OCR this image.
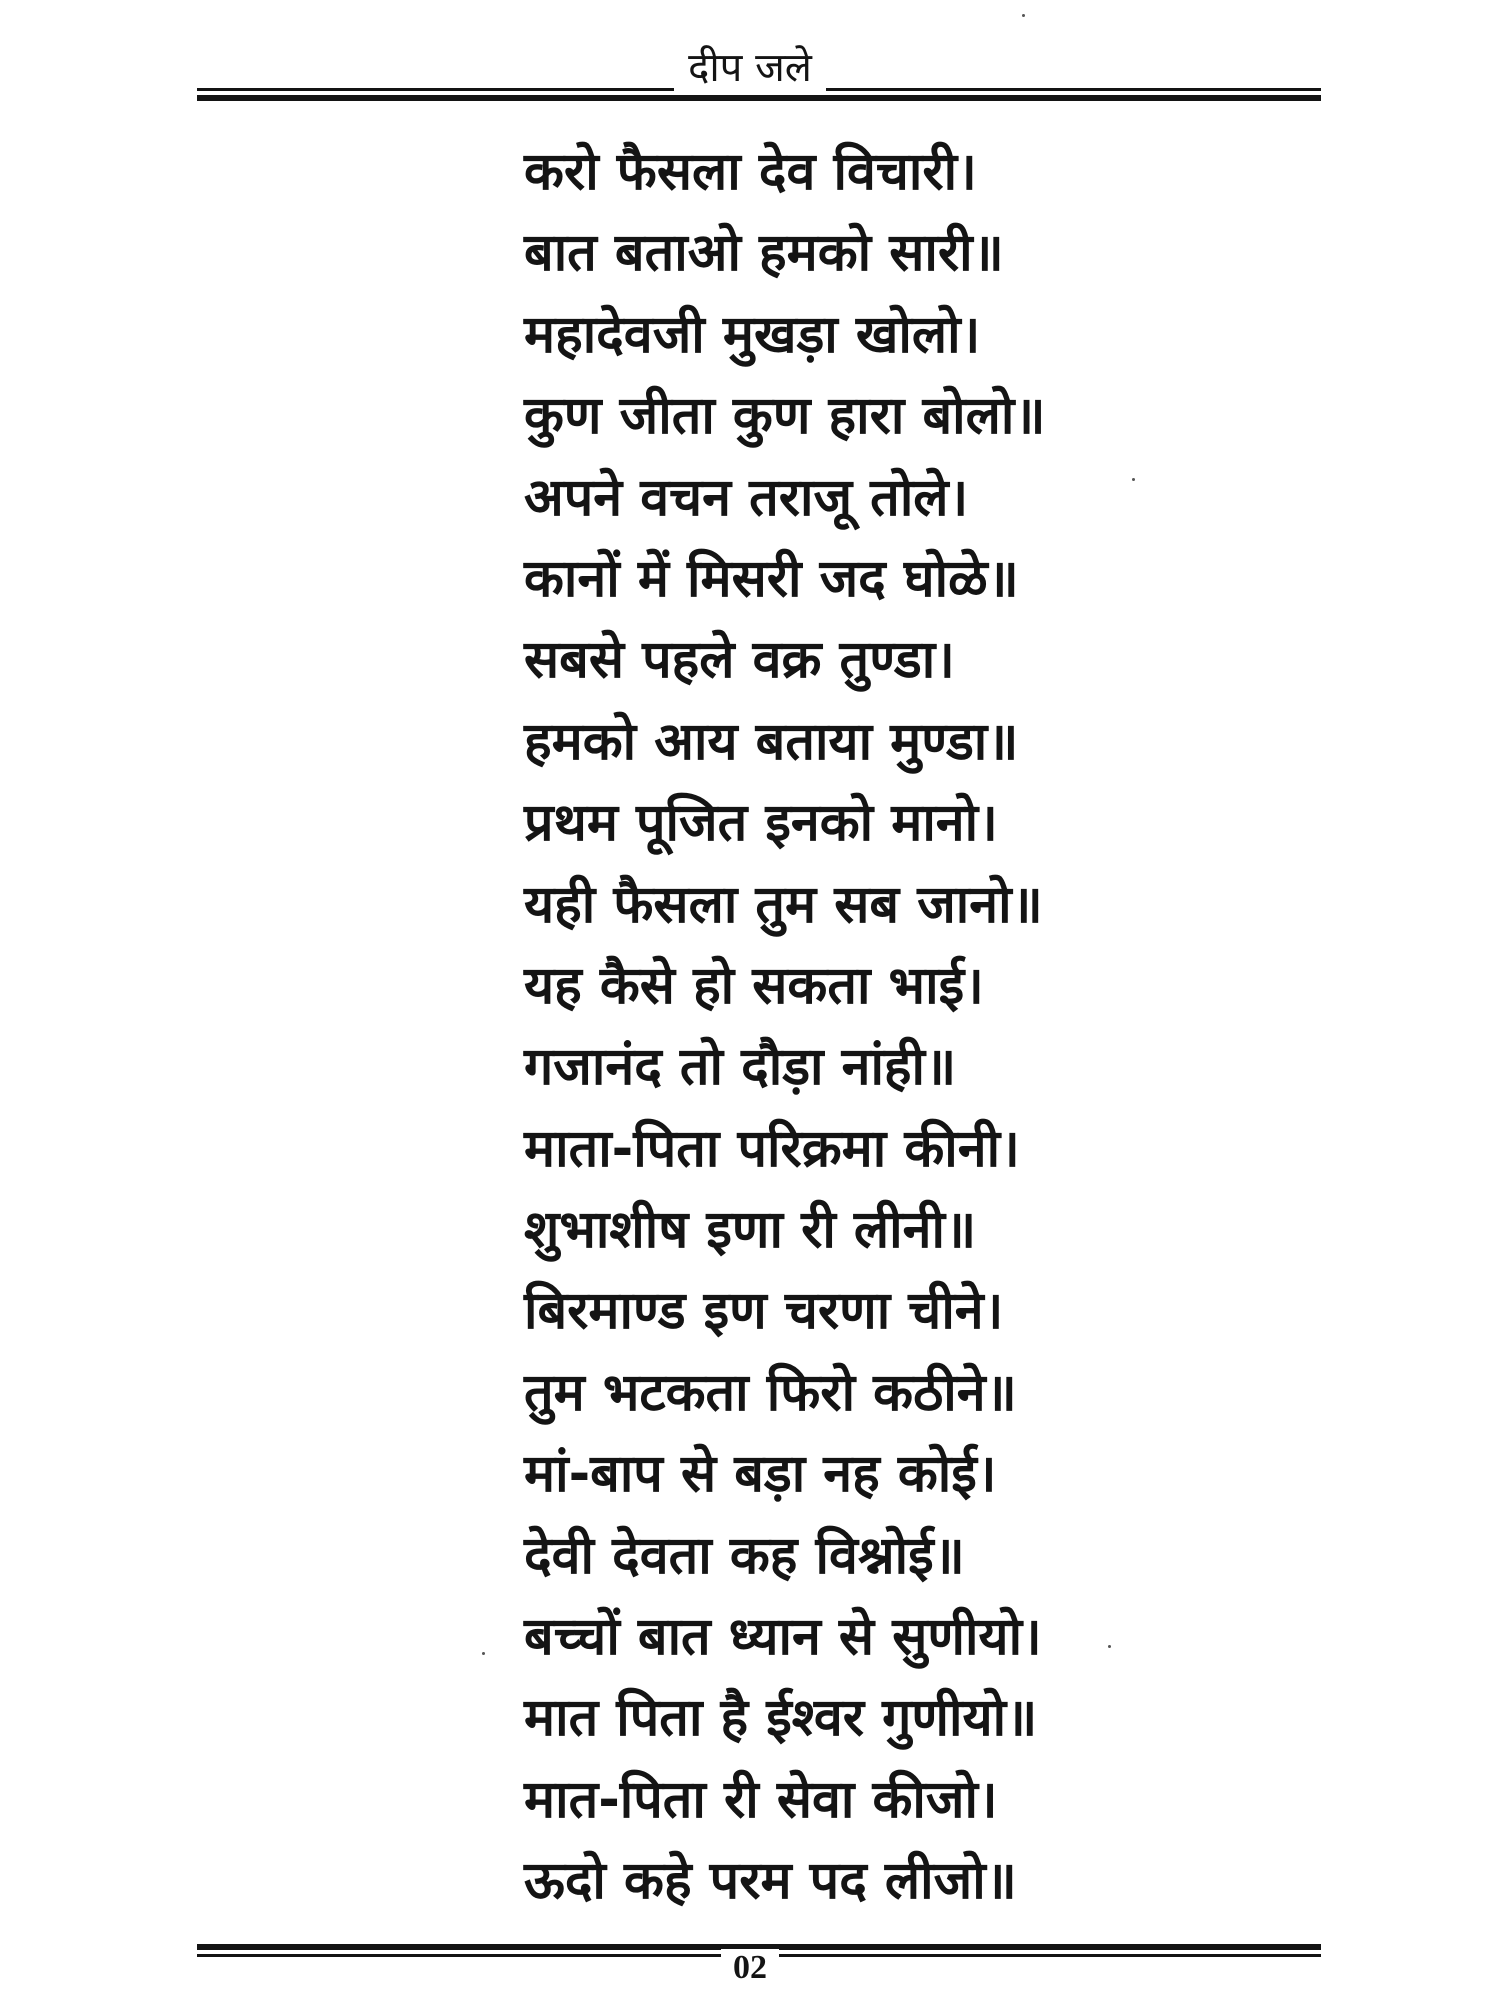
दीप जले
करो फैसला देव विचारी।
बात बताओ हमको सारी॥
महादेवजी मुखड़ा खोलो।
कुण जीता कुण हारा बोलो॥
अपने वचन तराजू तोले।
कानों में मिसरी जद घोळे॥
सबसे पहले वक्र तुण्डा।
हमको आय बताया मुण्डा॥
प्रथम पूजित इनको मानो।
यही फैसला तुम सब जानो॥
यह कैसे हो सकता भाई।
गजानंद तो दौड़ा नांही॥
माता-पिता परिक्रमा कीनी।
शुभाशीष इणा री लीनी॥
बिरमाण्ड इण चरणा चीने।
तुम भटकता फिरो कठीने॥
मां-बाप से बड़ा नह कोई।
देवी देवता कह विश्नोई॥
बच्चों बात ध्यान से सुणीयो।
मात पिता है ईश्वर गुणीयो॥
मात-पिता री सेवा कीजो।
ऊदो कहे परम पद लीजो॥
02
